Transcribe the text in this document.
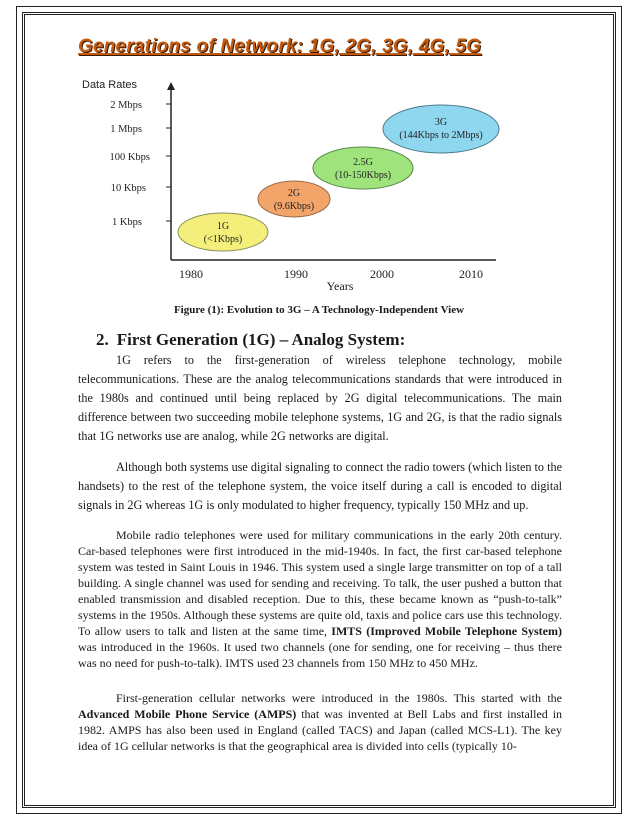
Generations of Network: 1G, 2G, 3G, 4G, 5G
Data Rates
2 Mbps
1 Mbps
100 Kbps
10 Kbps
1 Kbps
1980	1990	2000	2010
Years
1G
(<1Kbps)
2G
(9.6Kbps)
2.5G
(10-150Kbps)
3G
(144Kbps to 2Mbps)
Figure (1): Evolution to 3G – A Technology-Independent View
2. First Generation (1G) – Analog System:

1G refers to the first-generation of wireless telephone technology, mobile telecommunications. These are the analog telecommunications standards that were introduced in the 1980s and continued until being replaced by 2G digital telecommunications. The main difference between two succeeding mobile telephone systems, 1G and 2G, is that the radio signals that 1G networks use are analog, while 2G networks are digital.

Although both systems use digital signaling to connect the radio towers (which listen to the handsets) to the rest of the telephone system, the voice itself during a call is encoded to digital signals in 2G whereas 1G is only modulated to higher frequency, typically 150 MHz and up.

Mobile radio telephones were used for military communications in the early 20th century. Car-based telephones were first introduced in the mid-1940s. In fact, the first car-based telephone system was tested in Saint Louis in 1946. This system used a single large transmitter on top of a tall building. A single channel was used for sending and receiving. To talk, the user pushed a button that enabled transmission and disabled reception. Due to this, these became known as “push-to-talk” systems in the 1950s. Although these systems are quite old, taxis and police cars use this technology. To allow users to talk and listen at the same time, IMTS (Improved Mobile Telephone System) was introduced in the 1960s. It used two channels (one for sending, one for receiving – thus there was no need for push-to-talk). IMTS used 23 channels from 150 MHz to 450 MHz.

First-generation cellular networks were introduced in the 1980s. This started with the Advanced Mobile Phone Service (AMPS) that was invented at Bell Labs and first installed in 1982. AMPS has also been used in England (called TACS) and Japan (called MCS-L1). The key idea of 1G cellular networks is that the geographical area is divided into cells (typically 10-
